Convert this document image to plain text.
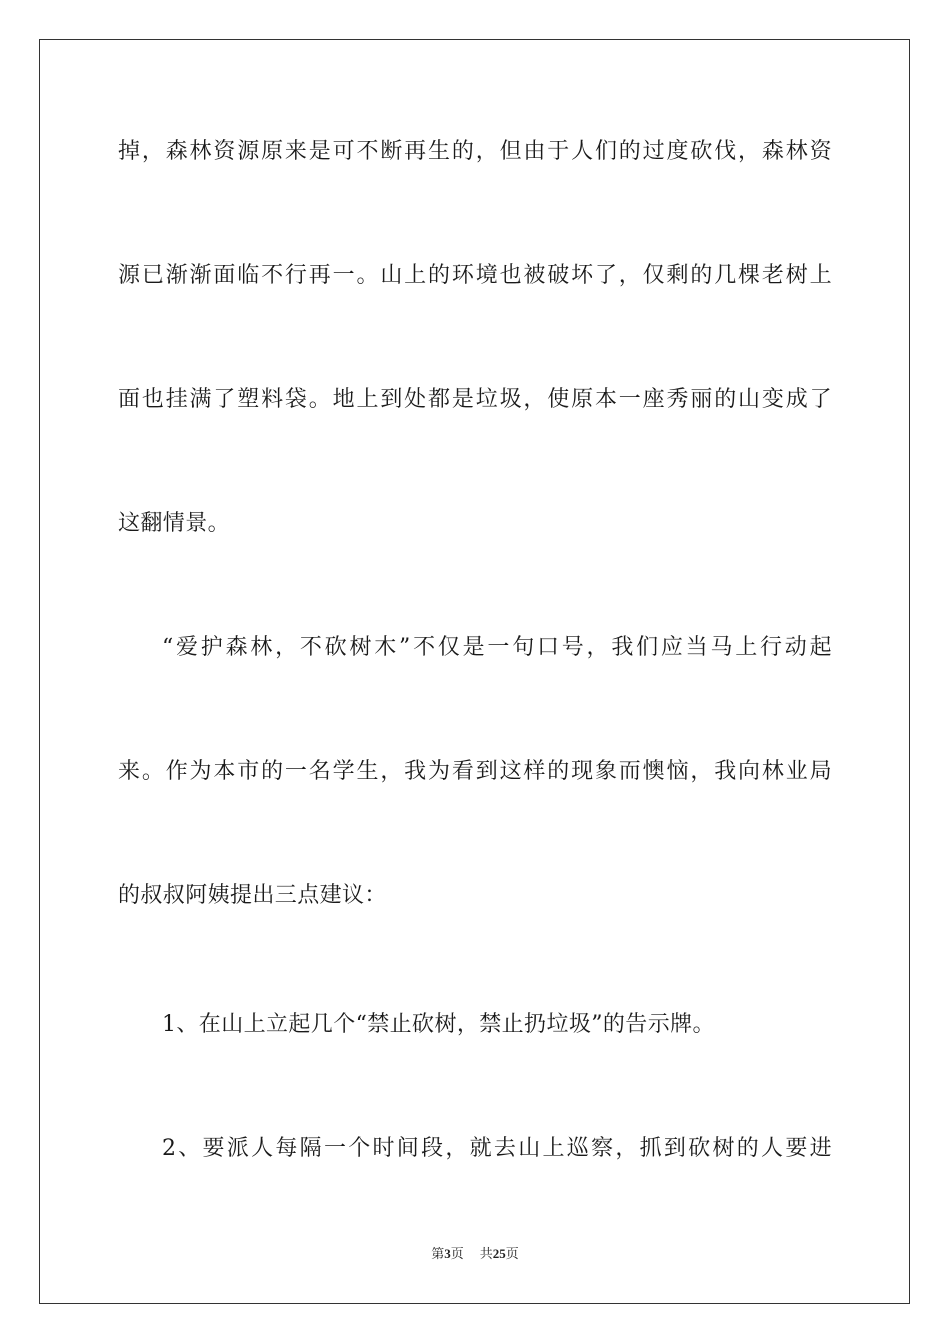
掉，森林资源原来是可不断再生的，但由于人们的过度砍伐，森林资
源已渐渐面临不行再一。山上的环境也被破坏了，仅剩的几棵老树上
面也挂满了塑料袋。地上到处都是垃圾，使原本一座秀丽的山变成了
这翻情景。
“爱护森林，不砍树木”不仅是一句口号，我们应当马上行动起
来。作为本市的一名学生，我为看到这样的现象而懊恼，我向林业局
的叔叔阿姨提出三点建议：
1、在山上立起几个“禁止砍树，禁止扔垃圾”的告示牌。
2、要派人每隔一个时间段，就去山上巡察，抓到砍树的人要进
第3页 共25页
